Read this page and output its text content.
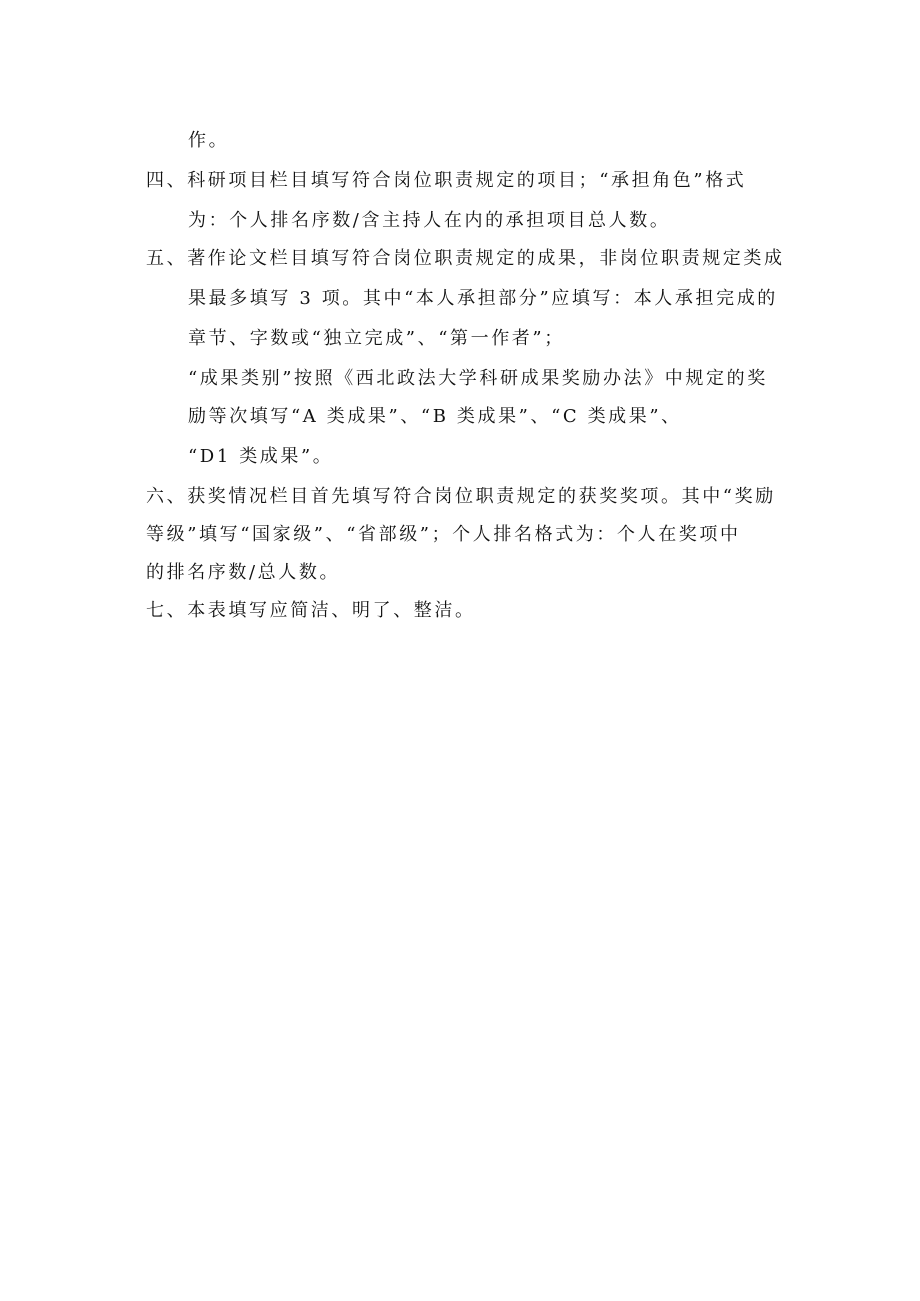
作。
四、科研项目栏目填写符合岗位职责规定的项目；“承担角色”格式
为：个人排名序数/含主持人在内的承担项目总人数。
五、著作论文栏目填写符合岗位职责规定的成果，非岗位职责规定类成
果最多填写 3 项。其中“本人承担部分”应填写：本人承担完成的
章节、字数或“独立完成”、“第一作者”；
“成果类别”按照《西北政法大学科研成果奖励办法》中规定的奖
励等次填写“A 类成果”、“B 类成果”、“C 类成果”、
“D1 类成果”。
六、获奖情况栏目首先填写符合岗位职责规定的获奖奖项。其中“奖励
等级”填写“国家级”、“省部级”；个人排名格式为：个人在奖项中
的排名序数/总人数。
七、本表填写应简洁、明了、整洁。
